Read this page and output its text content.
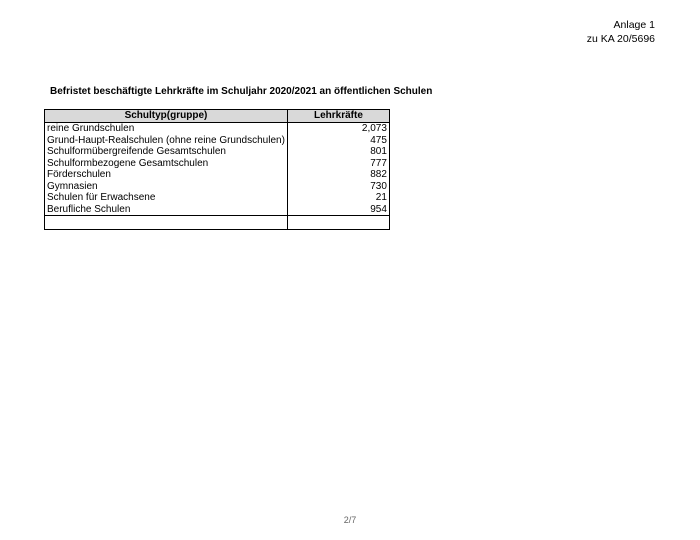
Anlage 1
zu KA 20/5696
Befristet beschäftigte Lehrkräfte im Schuljahr 2020/2021 an öffentlichen Schulen
Schultyp(gruppe)	Lehrkräfte
reine Grundschulen	2,073
Grund-Haupt-Realschulen (ohne reine Grundschulen)	475
Schulformübergreifende Gesamtschulen	801
Schulformbezogene Gesamtschulen	777
Förderschulen	882
Gymnasien	730
Schulen für Erwachsene	21
Berufliche Schulen	954

2/7
